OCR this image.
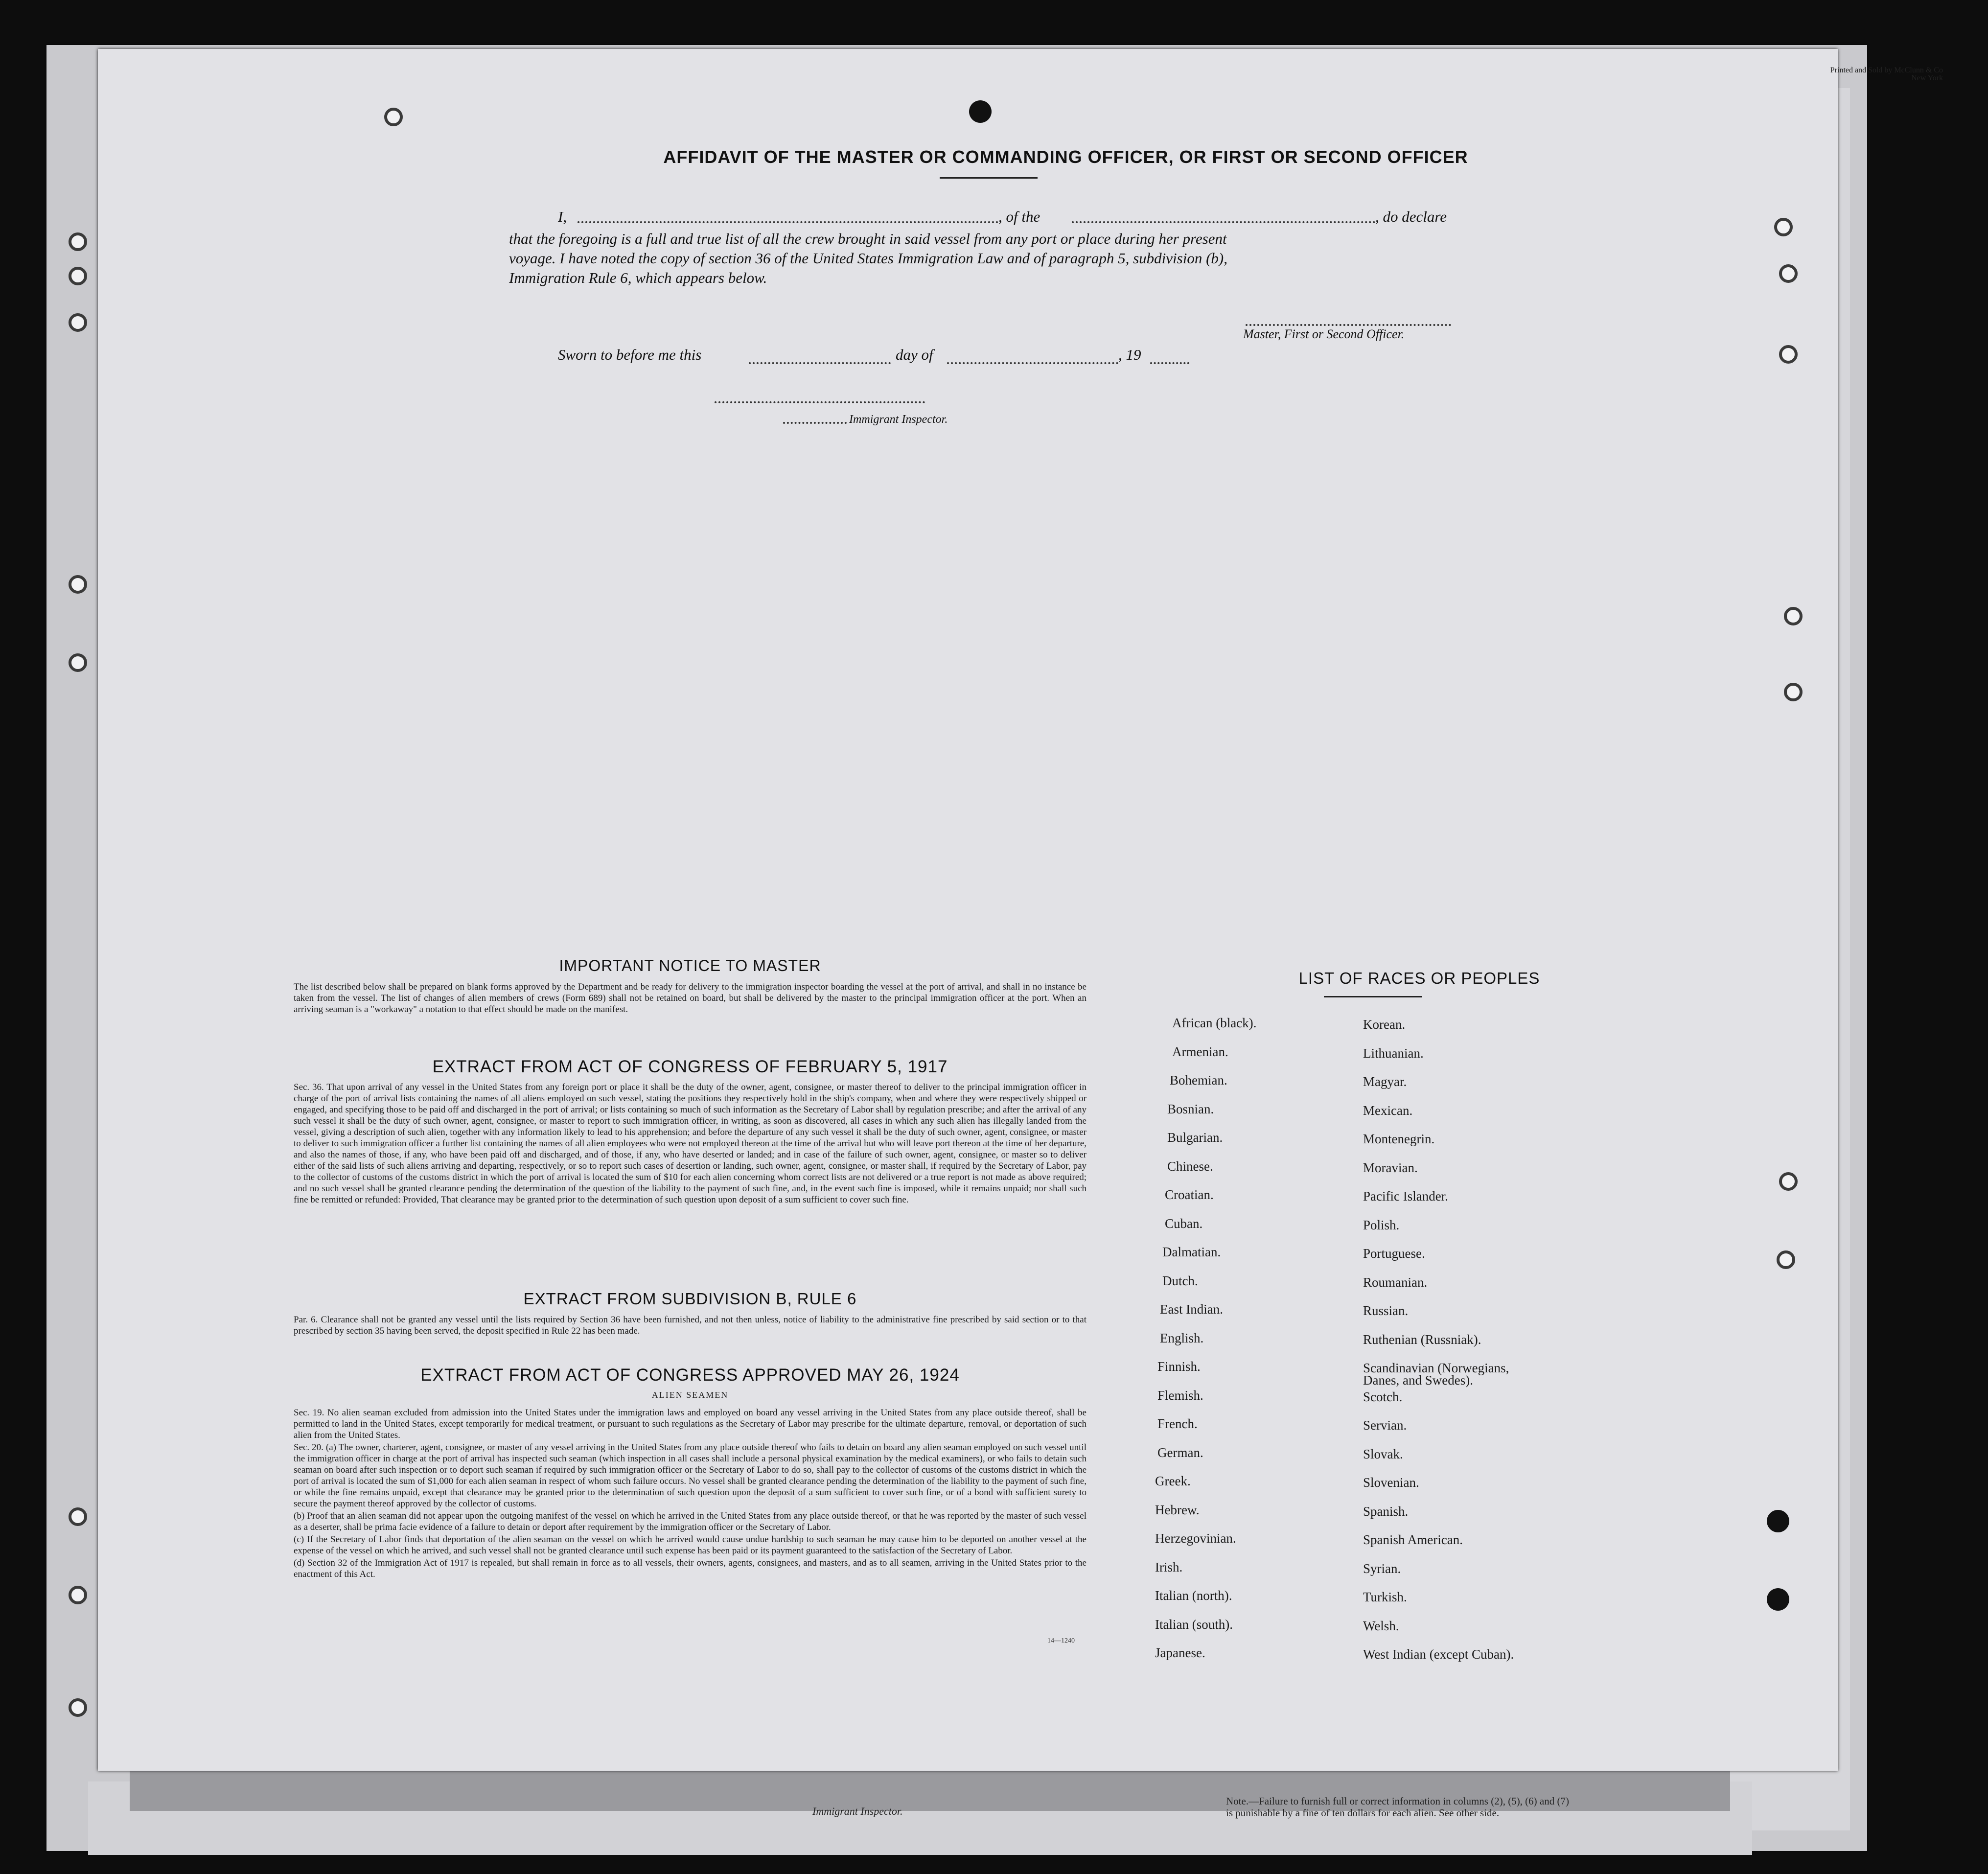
Immigrant Inspector.
Note.—Failure to furnish full or correct information in columns (2), (5), (6) and (7)
is punishable by a fine of ten dollars for each alien. See other side.
Printed and Sold by McClunn & Co
New York
AFFIDAVIT OF THE MASTER OR COMMANDING OFFICER, OR FIRST OR SECOND OFFICER
I,	, of the	, do declare
that the foregoing is a full and true list of all the crew brought in said vessel from any port or place during her present
voyage. I have noted the copy of section 36 of the United States Immigration Law and of paragraph 5, subdivision (b),
Immigration Rule 6, which appears below.
Master, First or Second Officer.
Sworn to before me this	day of	, 19
Immigrant Inspector.
IMPORTANT NOTICE TO MASTER
The list described below shall be prepared on blank forms approved by the Department and be ready for delivery to the immigration inspector boarding the vessel at the port of arrival, and shall in no instance be taken from the vessel. The list of changes of alien members of crews (Form 689) shall not be retained on board, but shall be delivered by the master to the principal immigration officer at the port. When an arriving seaman is a "workaway" a notation to that effect should be made on the manifest.
EXTRACT FROM ACT OF CONGRESS OF FEBRUARY 5, 1917
Sec. 36. That upon arrival of any vessel in the United States from any foreign port or place it shall be the duty of the owner, agent, consignee, or master thereof to deliver to the principal immigration officer in charge of the port of arrival lists containing the names of all aliens employed on such vessel, stating the positions they respectively hold in the ship's company, when and where they were respectively shipped or engaged, and specifying those to be paid off and discharged in the port of arrival; or lists containing so much of such information as the Secretary of Labor shall by regulation prescribe; and after the arrival of any such vessel it shall be the duty of such owner, agent, consignee, or master to report to such immigration officer, in writing, as soon as discovered, all cases in which any such alien has illegally landed from the vessel, giving a description of such alien, together with any information likely to lead to his apprehension; and before the departure of any such vessel it shall be the duty of such owner, agent, consignee, or master to deliver to such immigration officer a further list containing the names of all alien employees who were not employed thereon at the time of the arrival but who will leave port thereon at the time of her departure, and also the names of those, if any, who have been paid off and discharged, and of those, if any, who have deserted or landed; and in case of the failure of such owner, agent, consignee, or master so to deliver either of the said lists of such aliens arriving and departing, respectively, or so to report such cases of desertion or landing, such owner, agent, consignee, or master shall, if required by the Secretary of Labor, pay to the collector of customs of the customs district in which the port of arrival is located the sum of $10 for each alien concerning whom correct lists are not delivered or a true report is not made as above required; and no such vessel shall be granted clearance pending the determination of the question of the liability to the payment of such fine, and, in the event such fine is imposed, while it remains unpaid; nor shall such fine be remitted or refunded: Provided, That clearance may be granted prior to the determination of such question upon deposit of a sum sufficient to cover such fine.
EXTRACT FROM SUBDIVISION B, RULE 6
Par. 6. Clearance shall not be granted any vessel until the lists required by Section 36 have been furnished, and not then unless, notice of liability to the administrative fine prescribed by said section or to that prescribed by section 35 having been served, the deposit specified in Rule 22 has been made.
EXTRACT FROM ACT OF CONGRESS APPROVED MAY 26, 1924
ALIEN SEAMEN

Sec. 19. No alien seaman excluded from admission into the United States under the immigration laws and employed on board any vessel arriving in the United States from any place outside thereof, shall be permitted to land in the United States, except temporarily for medical treatment, or pursuant to such regulations as the Secretary of Labor may prescribe for the ultimate departure, removal, or deportation of such alien from the United States.

Sec. 20. (a) The owner, charterer, agent, consignee, or master of any vessel arriving in the United States from any place outside thereof who fails to detain on board any alien seaman employed on such vessel until the immigration officer in charge at the port of arrival has inspected such seaman (which inspection in all cases shall include a personal physical examination by the medical examiners), or who fails to detain such seaman on board after such inspection or to deport such seaman if required by such immigration officer or the Secretary of Labor to do so, shall pay to the collector of customs of the customs district in which the port of arrival is located the sum of $1,000 for each alien seaman in respect of whom such failure occurs. No vessel shall be granted clearance pending the determination of the liability to the payment of such fine, or while the fine remains unpaid, except that clearance may be granted prior to the determination of such question upon the deposit of a sum sufficient to cover such fine, or of a bond with sufficient surety to secure the payment thereof approved by the collector of customs.

(b) Proof that an alien seaman did not appear upon the outgoing manifest of the vessel on which he arrived in the United States from any place outside thereof, or that he was reported by the master of such vessel as a deserter, shall be prima facie evidence of a failure to detain or deport after requirement by the immigration officer or the Secretary of Labor.

(c) If the Secretary of Labor finds that deportation of the alien seaman on the vessel on which he arrived would cause undue hardship to such seaman he may cause him to be deported on another vessel at the expense of the vessel on which he arrived, and such vessel shall not be granted clearance until such expense has been paid or its payment guaranteed to the satisfaction of the Secretary of Labor.

(d) Section 32 of the Immigration Act of 1917 is repealed, but shall remain in force as to all vessels, their owners, agents, consignees, and masters, and as to all seamen, arriving in the United States prior to the enactment of this Act.

14—1240
LIST OF RACES OR PEOPLES
African (black).
Armenian.
Bohemian.
Bosnian.
Bulgarian.
Chinese.
Croatian.
Cuban.
Dalmatian.
Dutch.
East Indian.
English.
Finnish.
Flemish.
French.
German.
Greek.
Hebrew.
Herzegovinian.
Irish.
Italian (north).
Italian (south).
Japanese.
Korean.
Lithuanian.
Magyar.
Mexican.
Montenegrin.
Moravian.
Pacific Islander.
Polish.
Portuguese.
Roumanian.
Russian.
Ruthenian (Russniak).
Scandinavian (Norwegians,
Scotch.
Servian.
Slovak.
Slovenian.
Spanish.
Spanish American.
Syrian.
Turkish.
Welsh.
West Indian (except Cuban).
Danes, and Swedes).
